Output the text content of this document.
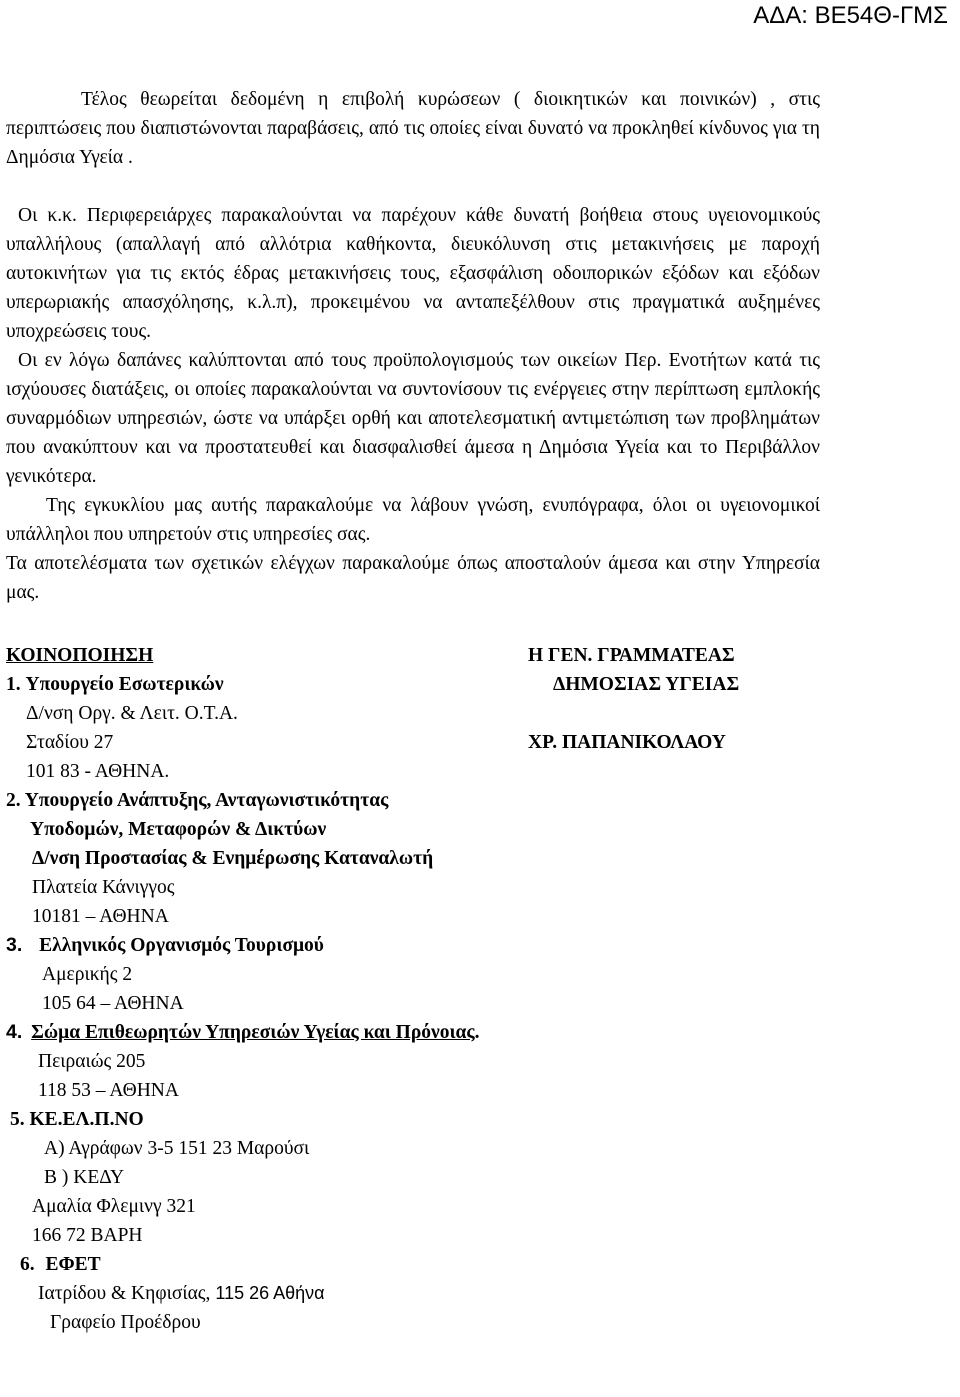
ΑΔΑ: ΒΕ54Θ-ΓΜΣ

Τέλος θεωρείται δεδομένη η επιβολή κυρώσεων ( διοικητικών και ποινικών) , στις περιπτώσεις που διαπιστώνονται παραβάσεις, από τις οποίες είναι δυνατό να προκληθεί κίνδυνος για τη Δημόσια Υγεία .

Οι κ.κ. Περιφερειάρχες παρακαλούνται να παρέχουν κάθε δυνατή βοήθεια στους υγειονομικούς υπαλλήλους (απαλλαγή από αλλότρια καθήκοντα, διευκόλυνση στις μετακινήσεις με παροχή αυτοκινήτων για τις εκτός έδρας μετακινήσεις τους, εξασφάλιση οδοιπορικών εξόδων και εξόδων υπερωριακής απασχόλησης, κ.λ.π), προκειμένου να ανταπεξέλθουν στις πραγματικά αυξημένες υποχρεώσεις τους.

Οι εν λόγω δαπάνες καλύπτονται από τους προϋπολογισμούς των οικείων Περ. Ενοτήτων κατά τις ισχύουσες διατάξεις, οι οποίες παρακαλούνται να συντονίσουν τις ενέργειες στην περίπτωση εμπλοκής συναρμόδιων υπηρεσιών, ώστε να υπάρξει ορθή και αποτελεσματική αντιμετώπιση των προβλημάτων που ανακύπτουν και να προστατευθεί και διασφαλισθεί άμεσα η Δημόσια Υγεία και το Περιβάλλον γενικότερα.

Της εγκυκλίου μας αυτής παρακαλούμε να λάβουν γνώση, ενυπόγραφα, όλοι οι υγειονομικοί υπάλληλοι που υπηρετούν στις υπηρεσίες σας.

Τα αποτελέσματα των σχετικών ελέγχων παρακαλούμε όπως αποσταλούν άμεσα και στην Υπηρεσία μας.

ΚΟΙΝΟΠΟΙΗΣΗ	Η ΓΕΝ. ΓΡΑΜΜΑΤΕΑΣ
1. Υπουργείο Εσωτερικών	ΔΗΜΟΣΙΑΣ ΥΓΕΙΑΣ
Δ/νση Οργ. & Λειτ. Ο.Τ.Α.
Σταδίου 27	ΧΡ. ΠΑΠΑΝΙΚΟΛΑΟΥ
101 83 - ΑΘΗΝΑ.
2. Υπουργείο Ανάπτυξης, Ανταγωνιστικότητας
Υποδομών, Μεταφορών & Δικτύων
Δ/νση Προστασίας & Ενημέρωσης Καταναλωτή
Πλατεία Κάνιγγος
10181 – ΑΘΗΝΑ
3. Ελληνικός Οργανισμός Τουρισμού
Αμερικής 2
105 64 – ΑΘΗΝΑ
4. Σώμα Επιθεωρητών Υπηρεσιών Υγείας και Πρόνοιας.
Πειραιώς 205
118 53 – ΑΘΗΝΑ
5. ΚΕ.ΕΛ.Π.ΝΟ
Α) Αγράφων 3-5 151 23 Μαρούσι
Β ) ΚΕΔΥ
Αμαλία Φλεμινγ 321
166 72 ΒΑΡΗ
6. ΕΦΕΤ
Ιατρίδου & Κηφισίας, 115 26 Αθήνα
Γραφείο Προέδρου
